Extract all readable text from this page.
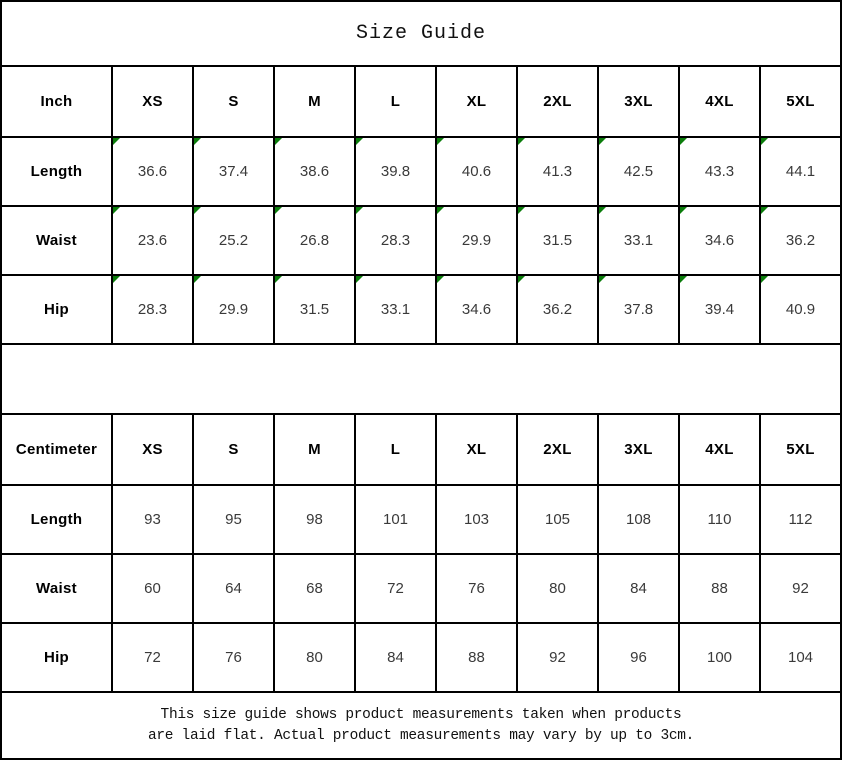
Size Guide
Inch	XS	S	M	L	XL	2XL	3XL	4XL	5XL
Length	36.6	37.4	38.6	39.8	40.6	41.3	42.5	43.3	44.1
Waist	23.6	25.2	26.8	28.3	29.9	31.5	33.1	34.6	36.2
Hip	28.3	29.9	31.5	33.1	34.6	36.2	37.8	39.4	40.9
Centimeter	XS	S	M	L	XL	2XL	3XL	4XL	5XL
Length	93	95	98	101	103	105	108	110	112
Waist	60	64	68	72	76	80	84	88	92
Hip	72	76	80	84	88	92	96	100	104
This size guide shows product measurements taken when products
are laid flat. Actual product measurements may vary by up to 3cm.
